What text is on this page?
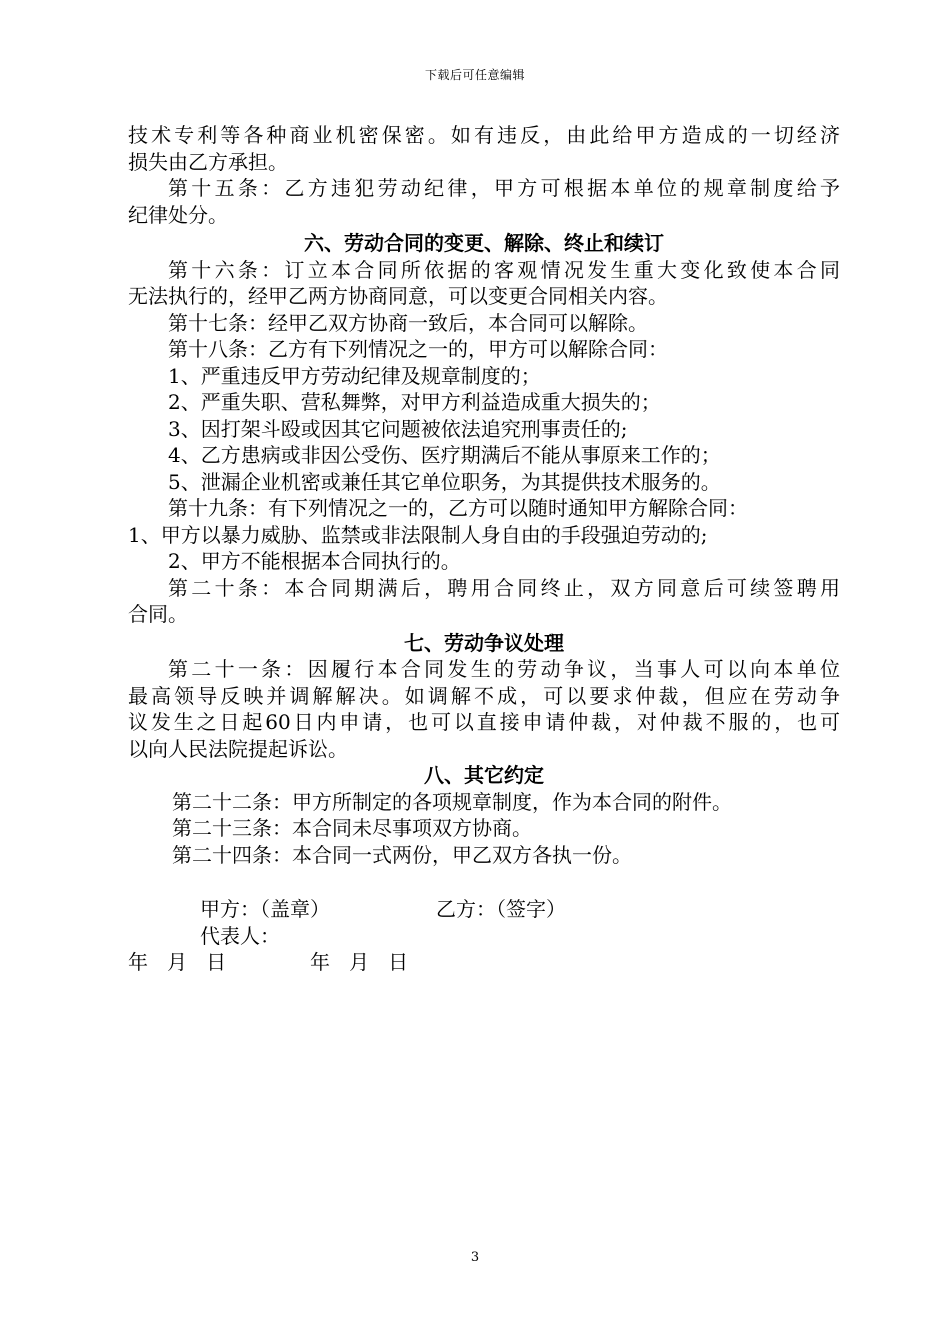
下载后可任意编辑

技术专利等各种商业机密保密。如有违反，由此给甲方造成的一切经济

损失由乙方承担。

第十五条：乙方违犯劳动纪律，甲方可根据本单位的规章制度给予

纪律处分。

六、劳动合同的变更、解除、终止和续订

第十六条：订立本合同所依据的客观情况发生重大变化致使本合同

无法执行的，经甲乙两方协商同意，可以变更合同相关内容。

第十七条：经甲乙双方协商一致后，本合同可以解除。

第十八条：乙方有下列情况之一的，甲方可以解除合同：

1、严重违反甲方劳动纪律及规章制度的；

2、严重失职、营私舞弊，对甲方利益造成重大损失的；

3、因打架斗殴或因其它问题被依法追究刑事责任的;

4、乙方患病或非因公受伤、医疗期满后不能从事原来工作的；

5、泄漏企业机密或兼任其它单位职务，为其提供技术服务的。

第十九条：有下列情况之一的，乙方可以随时通知甲方解除合同：

1、甲方以暴力威胁、监禁或非法限制人身自由的手段强迫劳动的;

2、甲方不能根据本合同执行的。

第二十条：本合同期满后，聘用合同终止，双方同意后可续签聘用

合同。

七、劳动争议处理

第二十一条：因履行本合同发生的劳动争议，当事人可以向本单位

最高领导反映并调解解决。如调解不成，可以要求仲裁，但应在劳动争

议发生之日起60日内申请，也可以直接申请仲裁，对仲裁不服的，也可

以向人民法院提起诉讼。

八、其它约定

第二十二条：甲方所制定的各项规章制度，作为本合同的附件。

第二十三条：本合同未尽事项双方协商。

第二十四条：本合同一式两份，甲乙双方各执一份。

甲方：（盖章）	乙方：（签字）
代表人：
年   月   日	年   月   日
3
